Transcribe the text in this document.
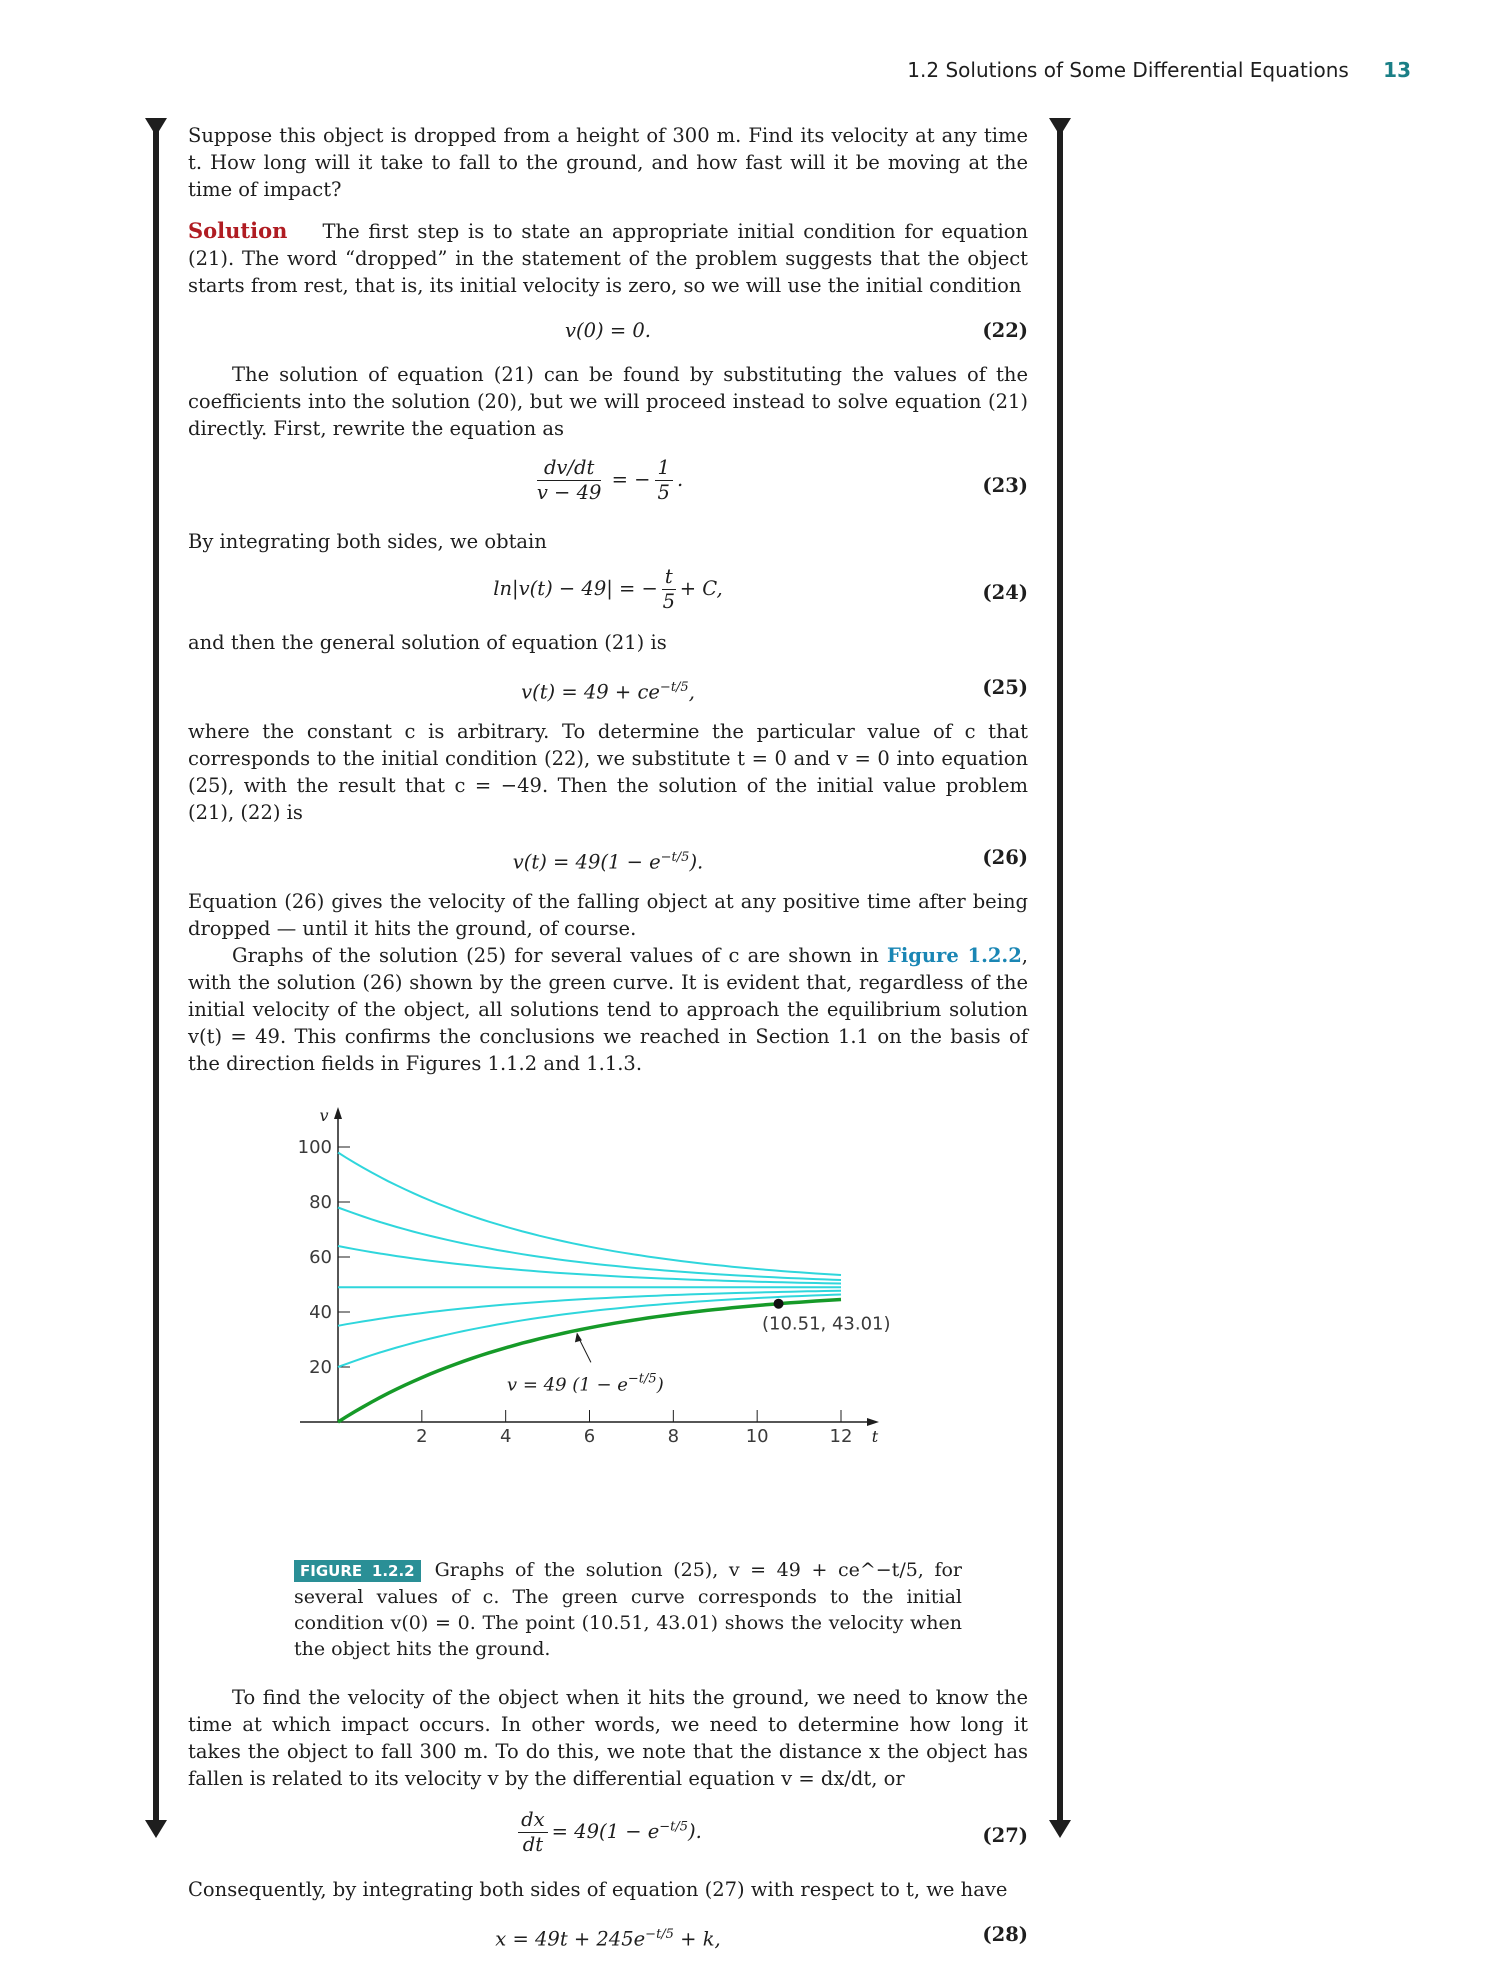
1.2 Solutions of Some Differential Equations 13

Suppose this object is dropped from a height of 300 m. Find its velocity at any time t. How long will it take to fall to the ground, and how fast will it be moving at the time of impact?

Solution The first step is to state an appropriate initial condition for equation (21). The word “dropped” in the statement of the problem suggests that the object starts from rest, that is, its initial velocity is zero, so we will use the initial condition

v(0) = 0.	(22)

The solution of equation (21) can be found by substituting the values of the coefficients into the solution (20), but we will proceed instead to solve equation (21) directly. First, rewrite the equation as

$\frac{dv/dt}{v - 49}$ = − $\frac{1}{5}$ .	(23)

By integrating both sides, we obtain

ln|v(t) − 49| = − $\frac{t}{5} + C$,	(24)

and then the general solution of equation (21) is

$v(t) = 49 + ce^{-t/5}$,	(25)

where the constant c is arbitrary. To determine the particular value of c that corresponds to the initial condition (22), we substitute t = 0 and v = 0 into equation (25), with the result that c = −49. Then the solution of the initial value problem (21), (22) is

$v(t) = 49(1 - e^{-t/5})$.	(26)

Equation (26) gives the velocity of the falling object at any positive time after being dropped — until it hits the ground, of course.

Graphs of the solution (25) for several values of c are shown in Figure 1.2.2, with the solution (26) shown by the green curve. It is evident that, regardless of the initial velocity of the object, all solutions tend to approach the equilibrium solution v(t) = 49. This confirms the conclusions we reached in Section 1.1 on the basis of the direction fields in Figures 1.1.2 and 1.1.3.

v
t
2	4	6	8	10	12
20
40
60
80
100
(10.51, 43.01)
v = 49 $(1 - e^{-t/5})$
FIGURE 1.2.2 Graphs of the solution (25), v = 49 + ce^−t/5, for several values of c. The green curve corresponds to the initial condition v(0) = 0. The point (10.51, 43.01) shows the velocity when the object hits the ground.

To find the velocity of the object when it hits the ground, we need to know the time at which impact occurs. In other words, we need to determine how long it takes the object to fall 300 m. To do this, we note that the distance x the object has fallen is related to its velocity v by the differential equation v = dx/dt, or

$\frac{dx}{dt} = 49(1 - e^{-t/5})$.	(27)

Consequently, by integrating both sides of equation (27) with respect to t, we have

$x = 49t + 245e^{-t/5} + k$,	(28)
